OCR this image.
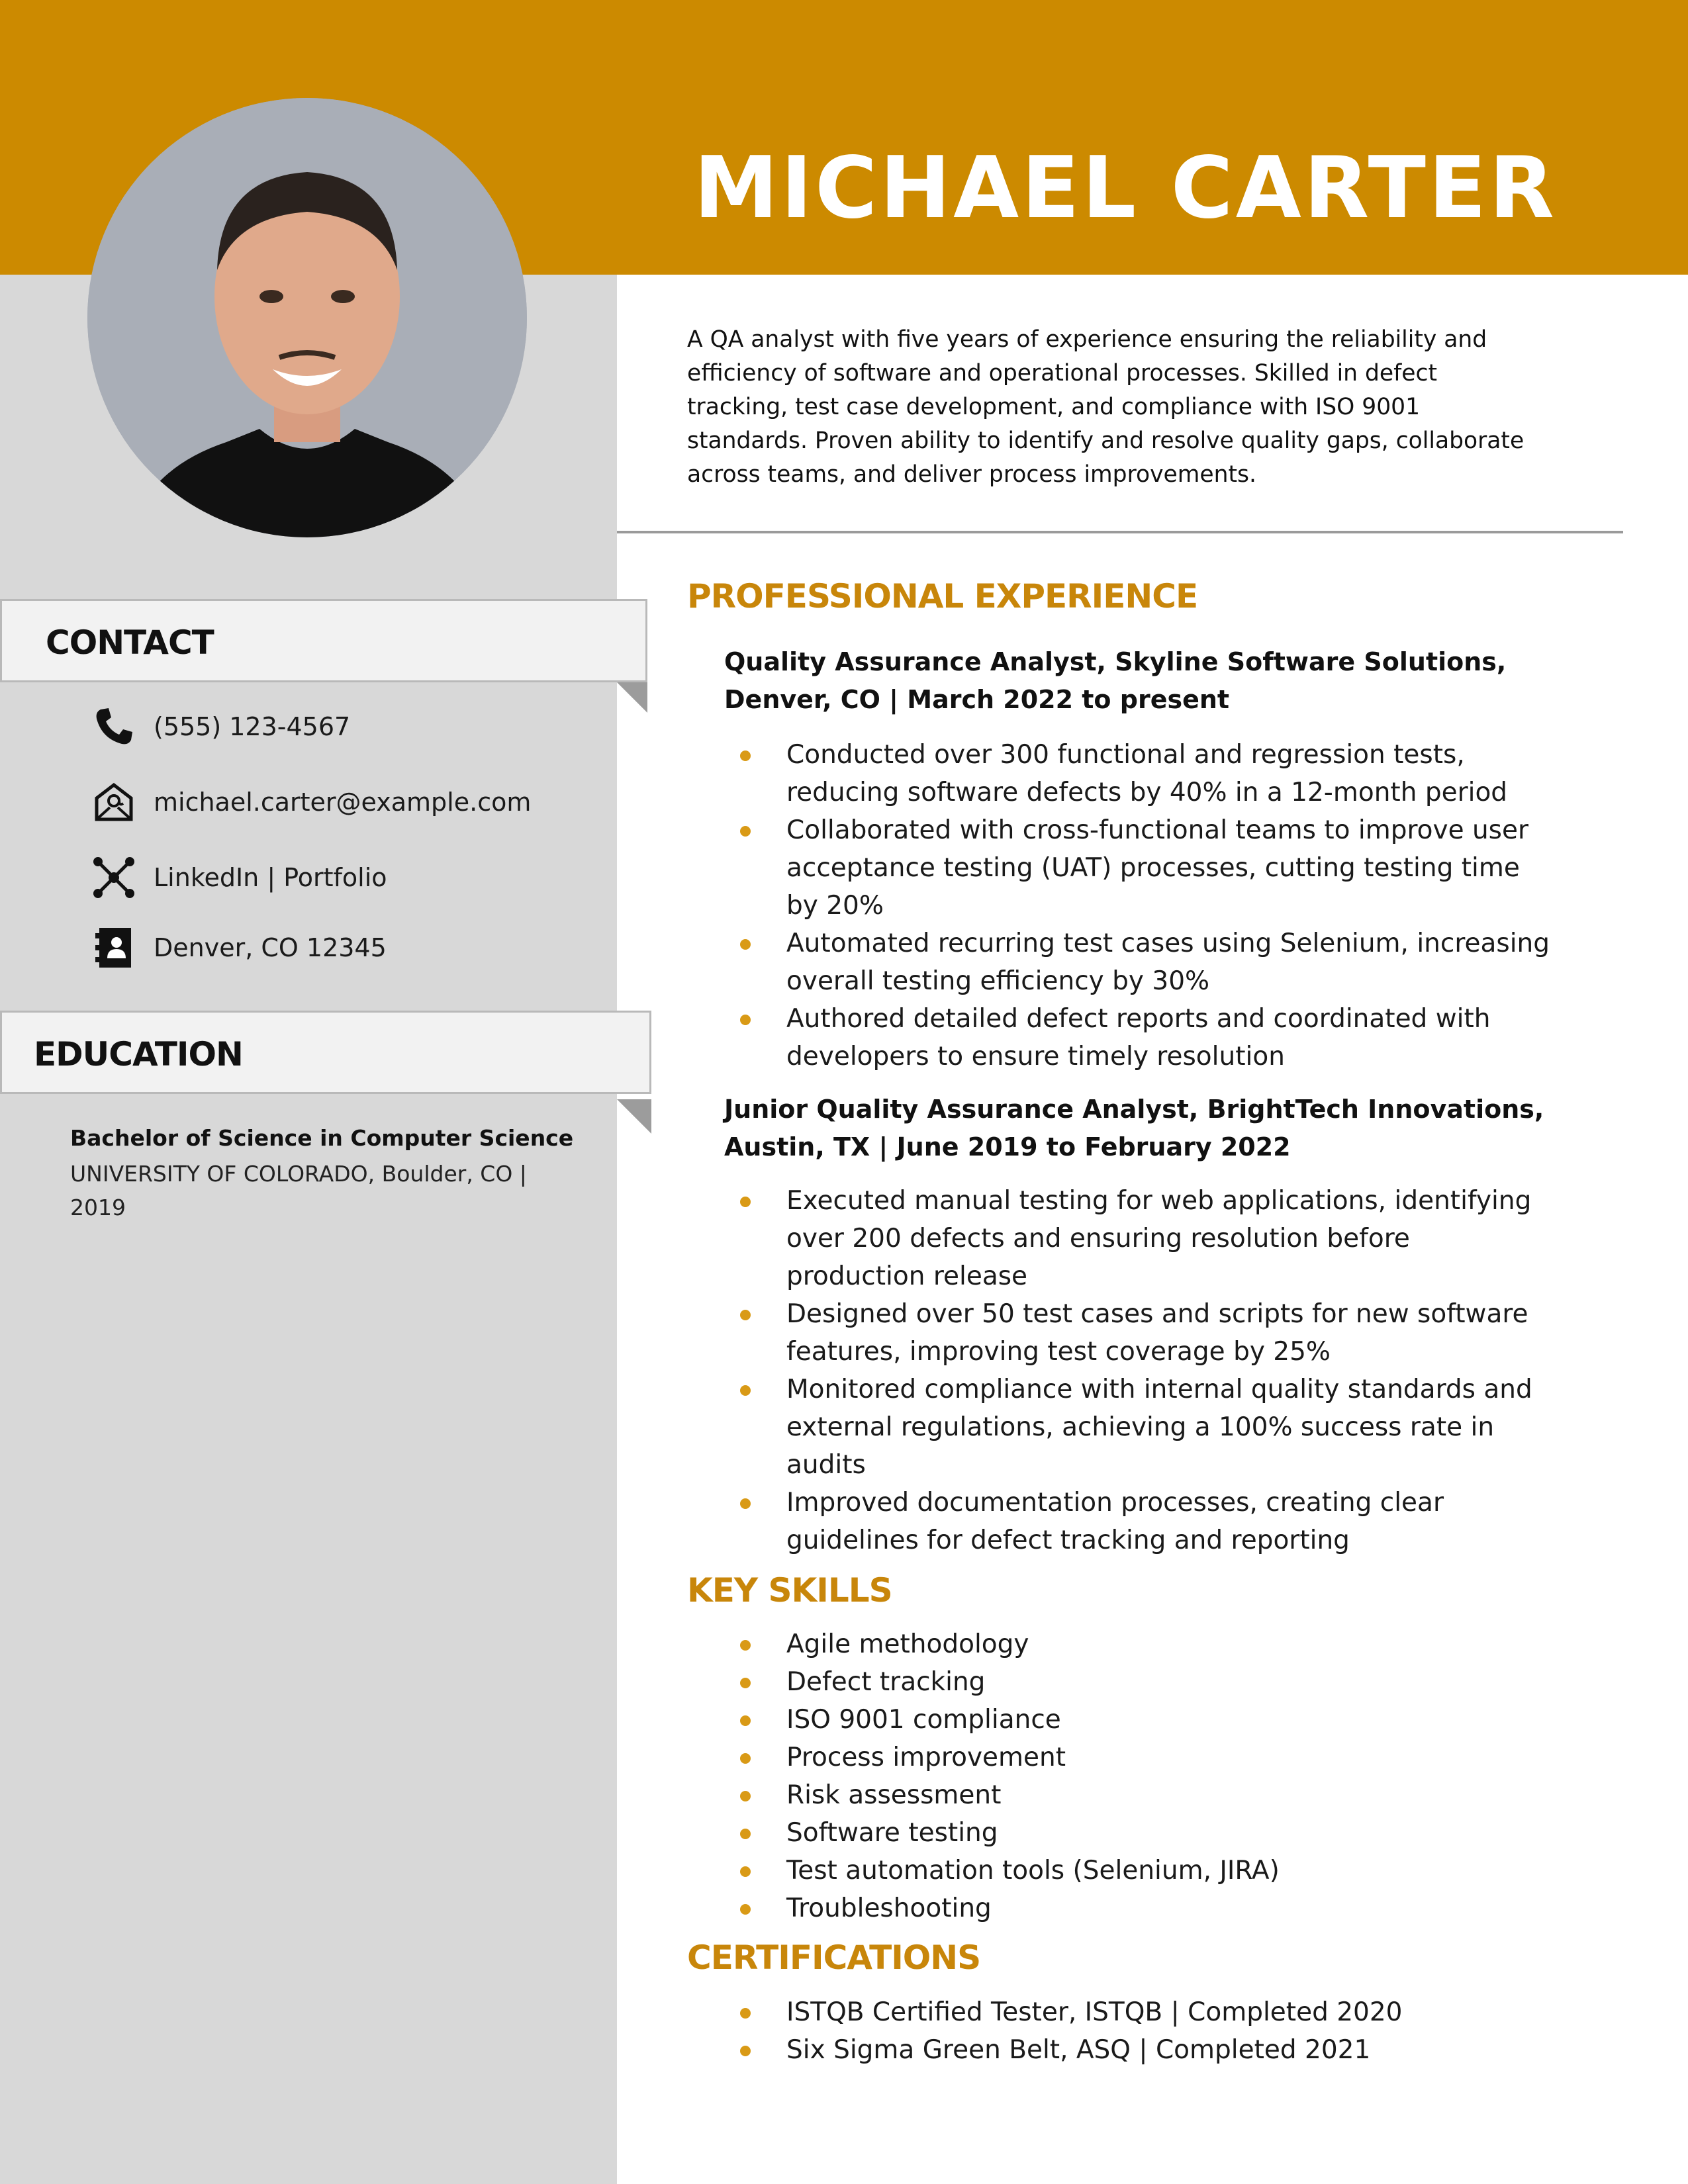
MICHAEL CARTER
A QA analyst with five years of experience ensuring the reliability and efficiency of software and operational processes. Skilled in defect tracking, test case development, and compliance with ISO 9001 standards. Proven ability to identify and resolve quality gaps, collaborate across teams, and deliver process improvements.
CONTACT
(555) 123-4567
michael.carter@example.com
LinkedIn | Portfolio
Denver, CO 12345
EDUCATION
Bachelor of Science in Computer Science
UNIVERSITY OF COLORADO, Boulder, CO | 2019
PROFESSIONAL EXPERIENCE
Quality Assurance Analyst, Skyline Software Solutions, Denver, CO | March 2022 to present
Conducted over 300 functional and regression tests, reducing software defects by 40% in a 12-month period
Collaborated with cross-functional teams to improve user acceptance testing (UAT) processes, cutting testing time by 20%
Automated recurring test cases using Selenium, increasing overall testing efficiency by 30%
Authored detailed defect reports and coordinated with developers to ensure timely resolution
Junior Quality Assurance Analyst, BrightTech Innovations, Austin, TX | June 2019 to February 2022
Executed manual testing for web applications, identifying over 200 defects and ensuring resolution before production release
Designed over 50 test cases and scripts for new software features, improving test coverage by 25%
Monitored compliance with internal quality standards and external regulations, achieving a 100% success rate in audits
Improved documentation processes, creating clear guidelines for defect tracking and reporting
KEY SKILLS
Agile methodology
Defect tracking
ISO 9001 compliance
Process improvement
Risk assessment
Software testing
Test automation tools (Selenium, JIRA)
Troubleshooting
CERTIFICATIONS
ISTQB Certified Tester, ISTQB | Completed 2020
Six Sigma Green Belt, ASQ | Completed 2021
